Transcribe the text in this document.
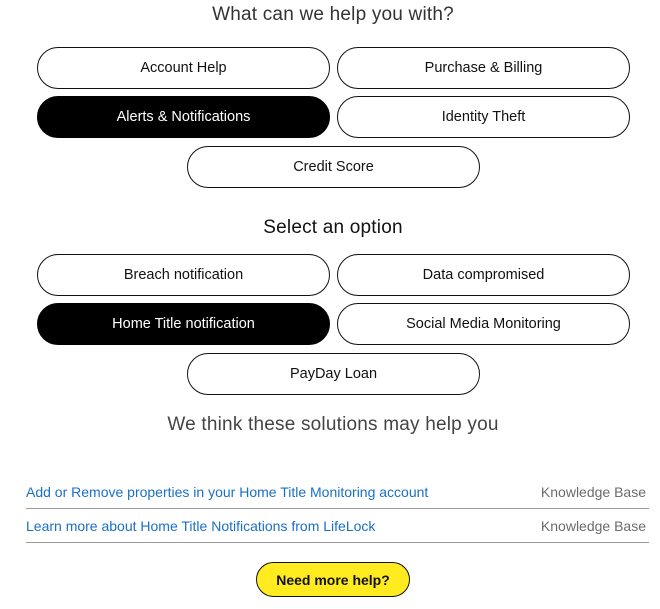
What can we help you with?
Account Help	Purchase & Billing
Alerts & Notifications	Identity Theft
Credit Score
Select an option
Breach notification	Data compromised
Home Title notification	Social Media Monitoring
PayDay Loan
We think these solutions may help you
Add or Remove properties in your Home Title Monitoring account	Knowledge Base
Learn more about Home Title Notifications from LifeLock	Knowledge Base
Need more help?
